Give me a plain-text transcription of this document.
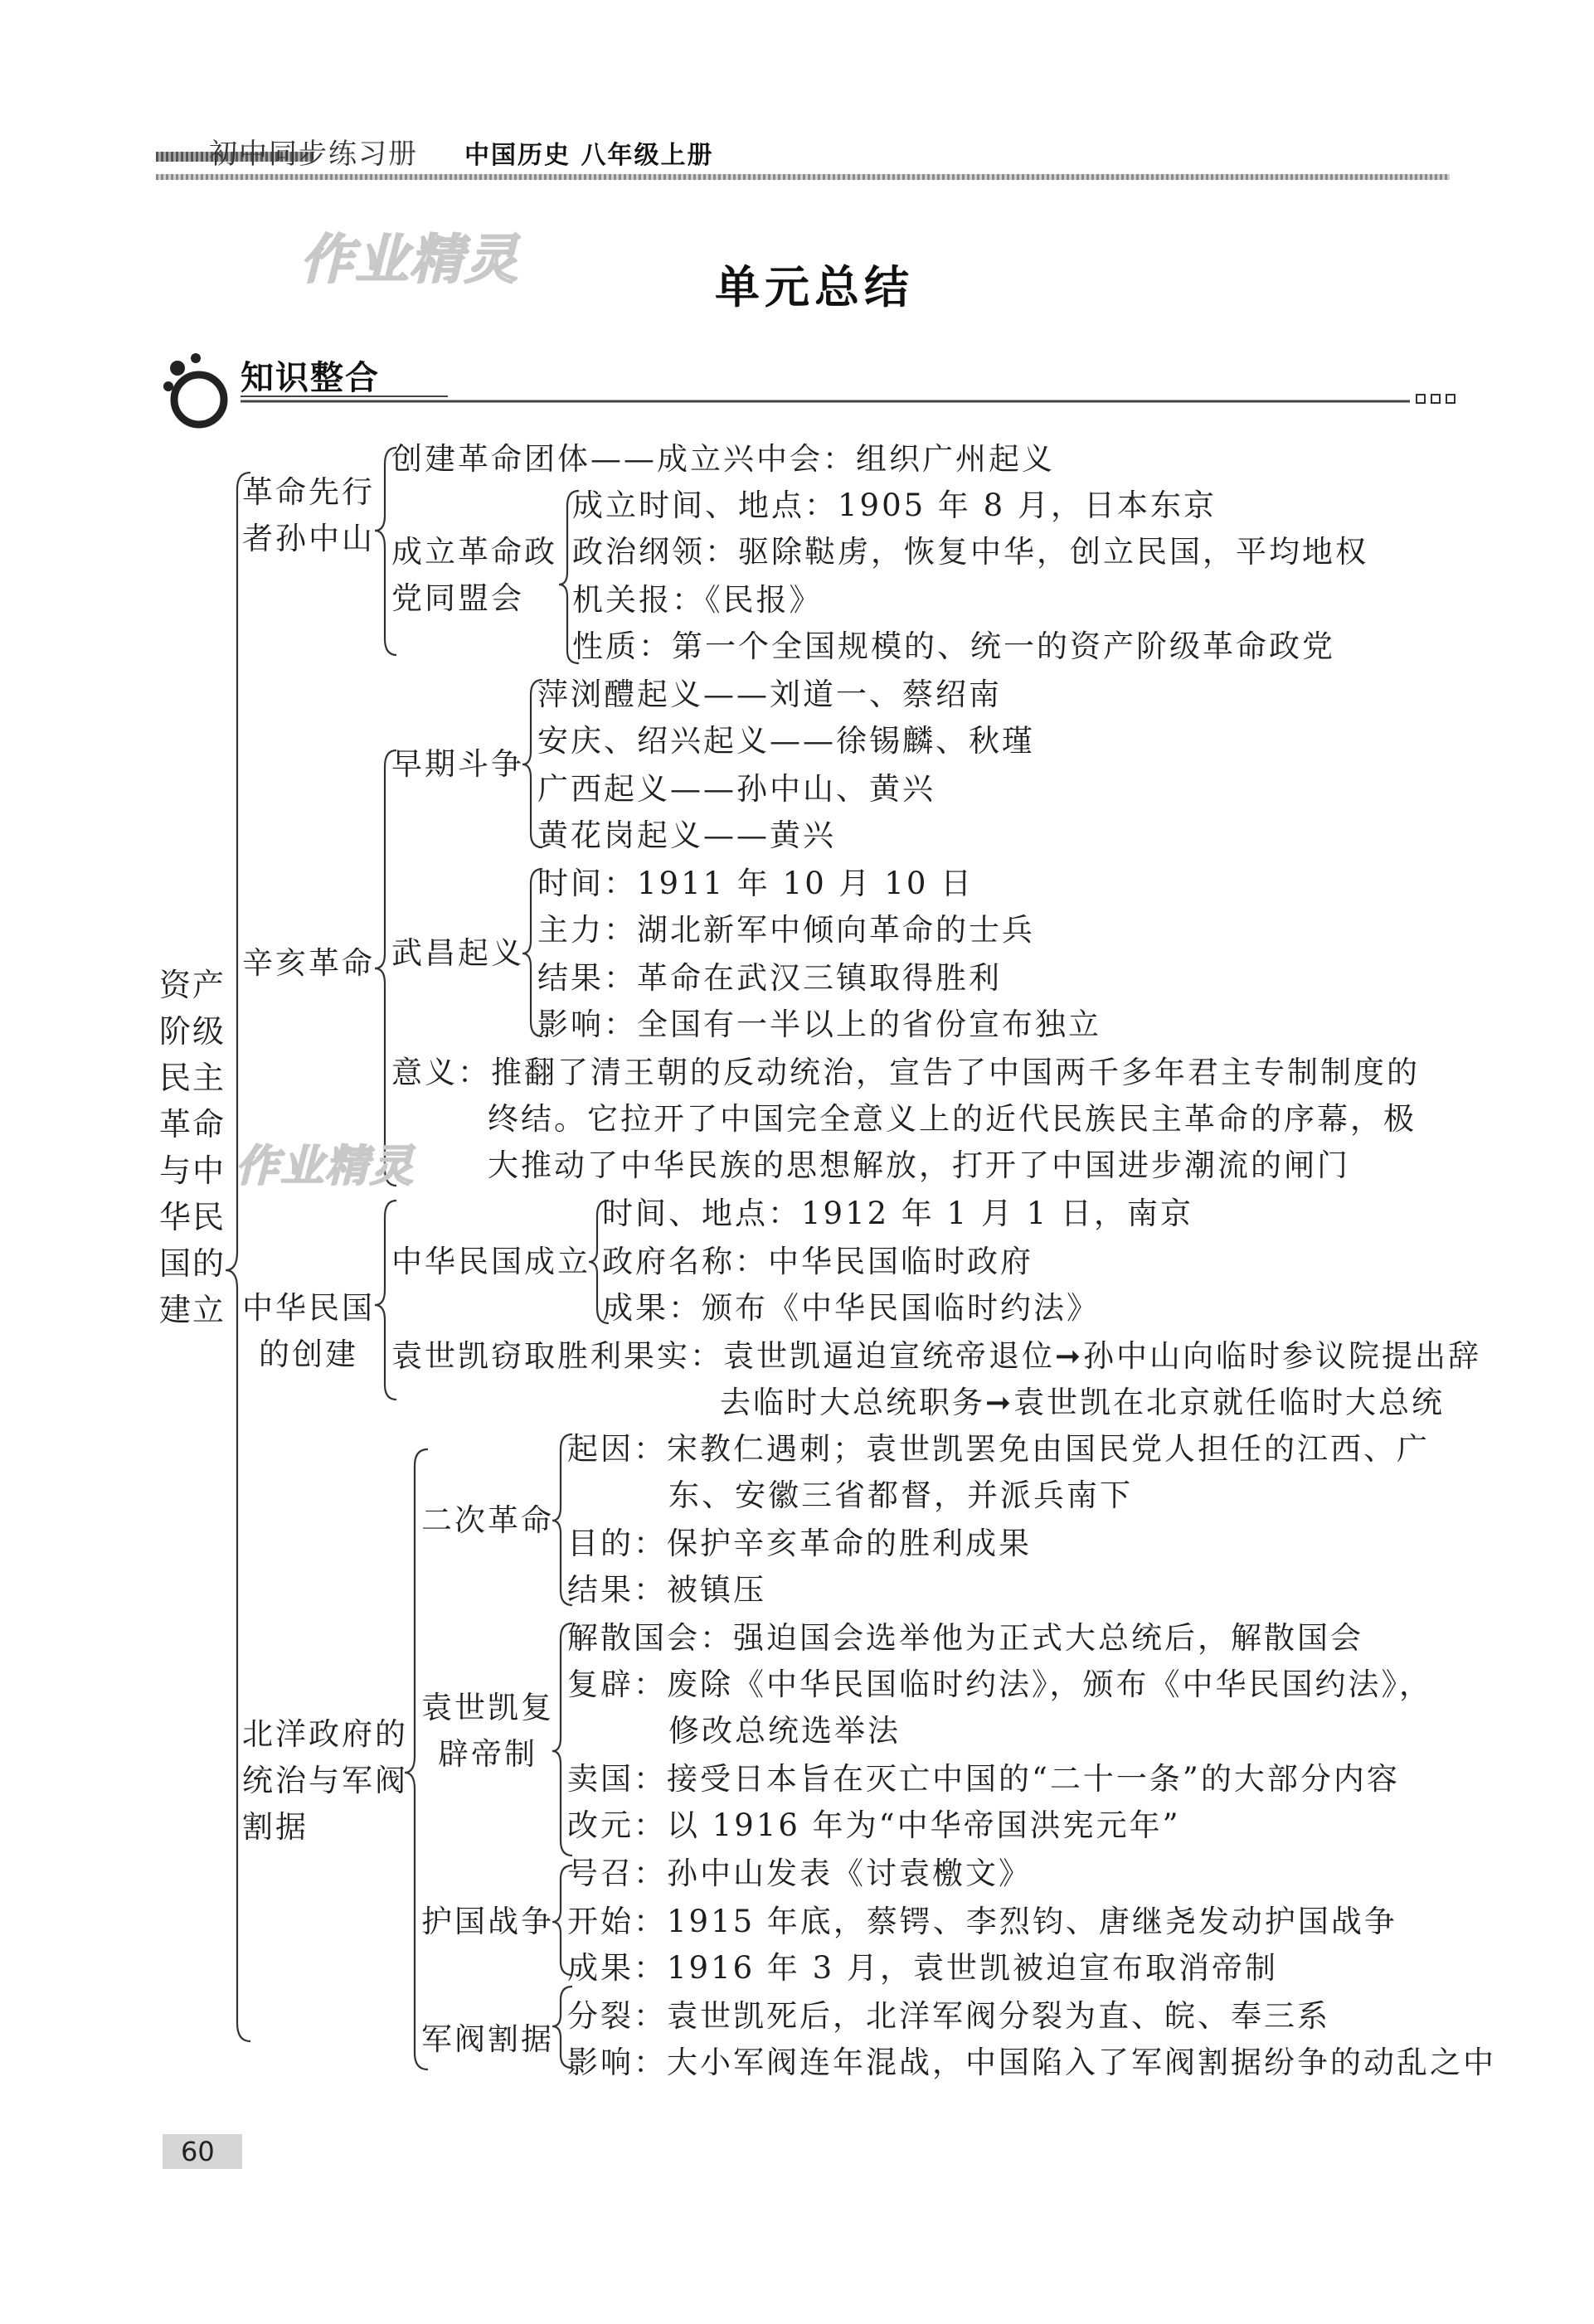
初中同步练习册 中国历史 八年级上册
作业精灵	单元总结
知识整合
资产
阶级
民主
革命
与中
华民
国的
建立
革命先行
者孙中山
创建革命团体——成立兴中会：组织广州起义
成立革命政
党同盟会
成立时间、地点：1905 年 8 月，日本东京
政治纲领：驱除鞑虏，恢复中华，创立民国，平均地权
机关报：《民报》
性质：第一个全国规模的、统一的资产阶级革命政党
辛亥革命
早期斗争
萍浏醴起义——刘道一、蔡绍南
安庆、绍兴起义——徐锡麟、秋瑾
广西起义——孙中山、黄兴
黄花岗起义——黄兴
武昌起义
时间：1911 年 10 月 10 日
主力：湖北新军中倾向革命的士兵
结果：革命在武汉三镇取得胜利
影响：全国有一半以上的省份宣布独立
意义：推翻了清王朝的反动统治，宣告了中国两千多年君主专制制度的
终结。它拉开了中国完全意义上的近代民族民主革命的序幕，极
大推动了中华民族的思想解放，打开了中国进步潮流的闸门
作业精灵
中华民国
的创建
中华民国成立
时间、地点：1912 年 1 月 1 日，南京
政府名称：中华民国临时政府
成果：颁布《中华民国临时约法》
袁世凯窃取胜利果实：袁世凯逼迫宣统帝退位➞孙中山向临时参议院提出辞
去临时大总统职务➞袁世凯在北京就任临时大总统
北洋政府的
统治与军阀
割据
二次革命
起因：宋教仁遇刺；袁世凯罢免由国民党人担任的江西、广
东、安徽三省都督，并派兵南下
目的：保护辛亥革命的胜利成果
结果：被镇压
袁世凯复
辟帝制
解散国会：强迫国会选举他为正式大总统后，解散国会
复辟：废除《中华民国临时约法》，颁布《中华民国约法》，
修改总统选举法
卖国：接受日本旨在灭亡中国的“二十一条”的大部分内容
改元：以 1916 年为“中华帝国洪宪元年”
护国战争
号召：孙中山发表《讨袁檄文》
开始：1915 年底，蔡锷、李烈钧、唐继尧发动护国战争
成果：1916 年 3 月，袁世凯被迫宣布取消帝制
军阀割据
分裂：袁世凯死后，北洋军阀分裂为直、皖、奉三系
影响：大小军阀连年混战，中国陷入了军阀割据纷争的动乱之中
60
